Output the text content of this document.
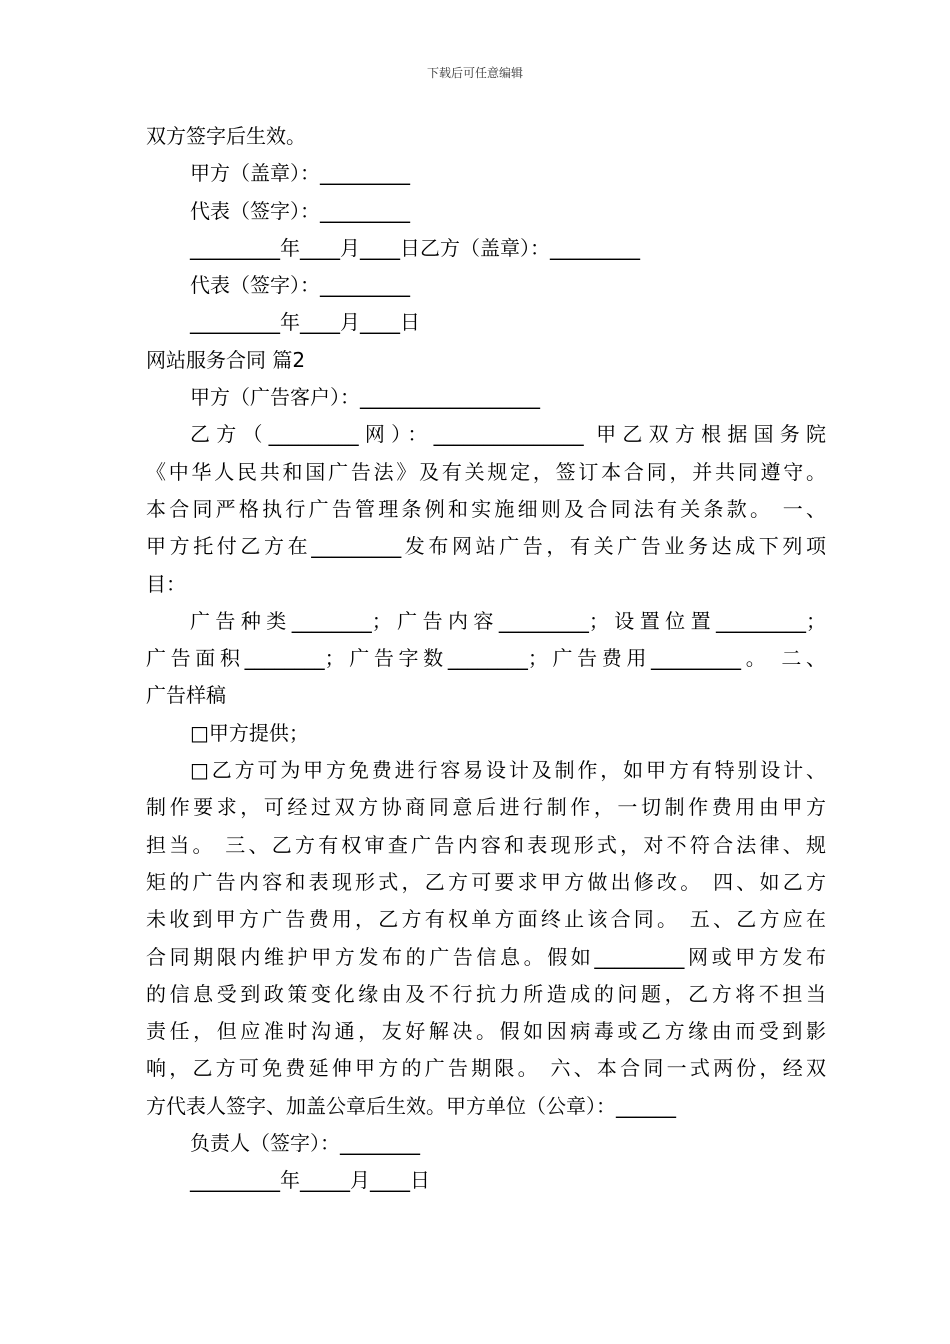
下载后可任意编辑
双方签字后生效。
甲方（盖章）：_________
代表（签字）：_________
_________年____月____日乙方（盖章）：_________
代表（签字）：_________
_________年____月____日
网站服务合同 篇2
甲方（广告客户）：__________________
乙方（_________网）：_______________ 甲乙双方根据国务院
《中华人民共和国广告法》及有关规定，签订本合同，并共同遵守。
本合同严格执行广告管理条例和实施细则及合同法有关条款。 一、
甲方托付乙方在_________发布网站广告，有关广告业务达成下列项
目：
广告种类________；广告内容_________；设置位置_________；
广告面积________；广告字数________；广告费用_________。 二、
广告样稿
□甲方提供；
□乙方可为甲方免费进行容易设计及制作，如甲方有特别设计、
制作要求，可经过双方协商同意后进行制作，一切制作费用由甲方
担当。 三、乙方有权审查广告内容和表现形式，对不符合法律、规
矩的广告内容和表现形式，乙方可要求甲方做出修改。 四、如乙方
未收到甲方广告费用，乙方有权单方面终止该合同。 五、乙方应在
合同期限内维护甲方发布的广告信息。假如_________网或甲方发布
的信息受到政策变化缘由及不行抗力所造成的问题，乙方将不担当
责任，但应准时沟通，友好解决。假如因病毒或乙方缘由而受到影
响，乙方可免费延伸甲方的广告期限。 六、本合同一式两份，经双
方代表人签字、加盖公章后生效。甲方单位（公章）：______
负责人（签字）：________
_________年_____月____日
